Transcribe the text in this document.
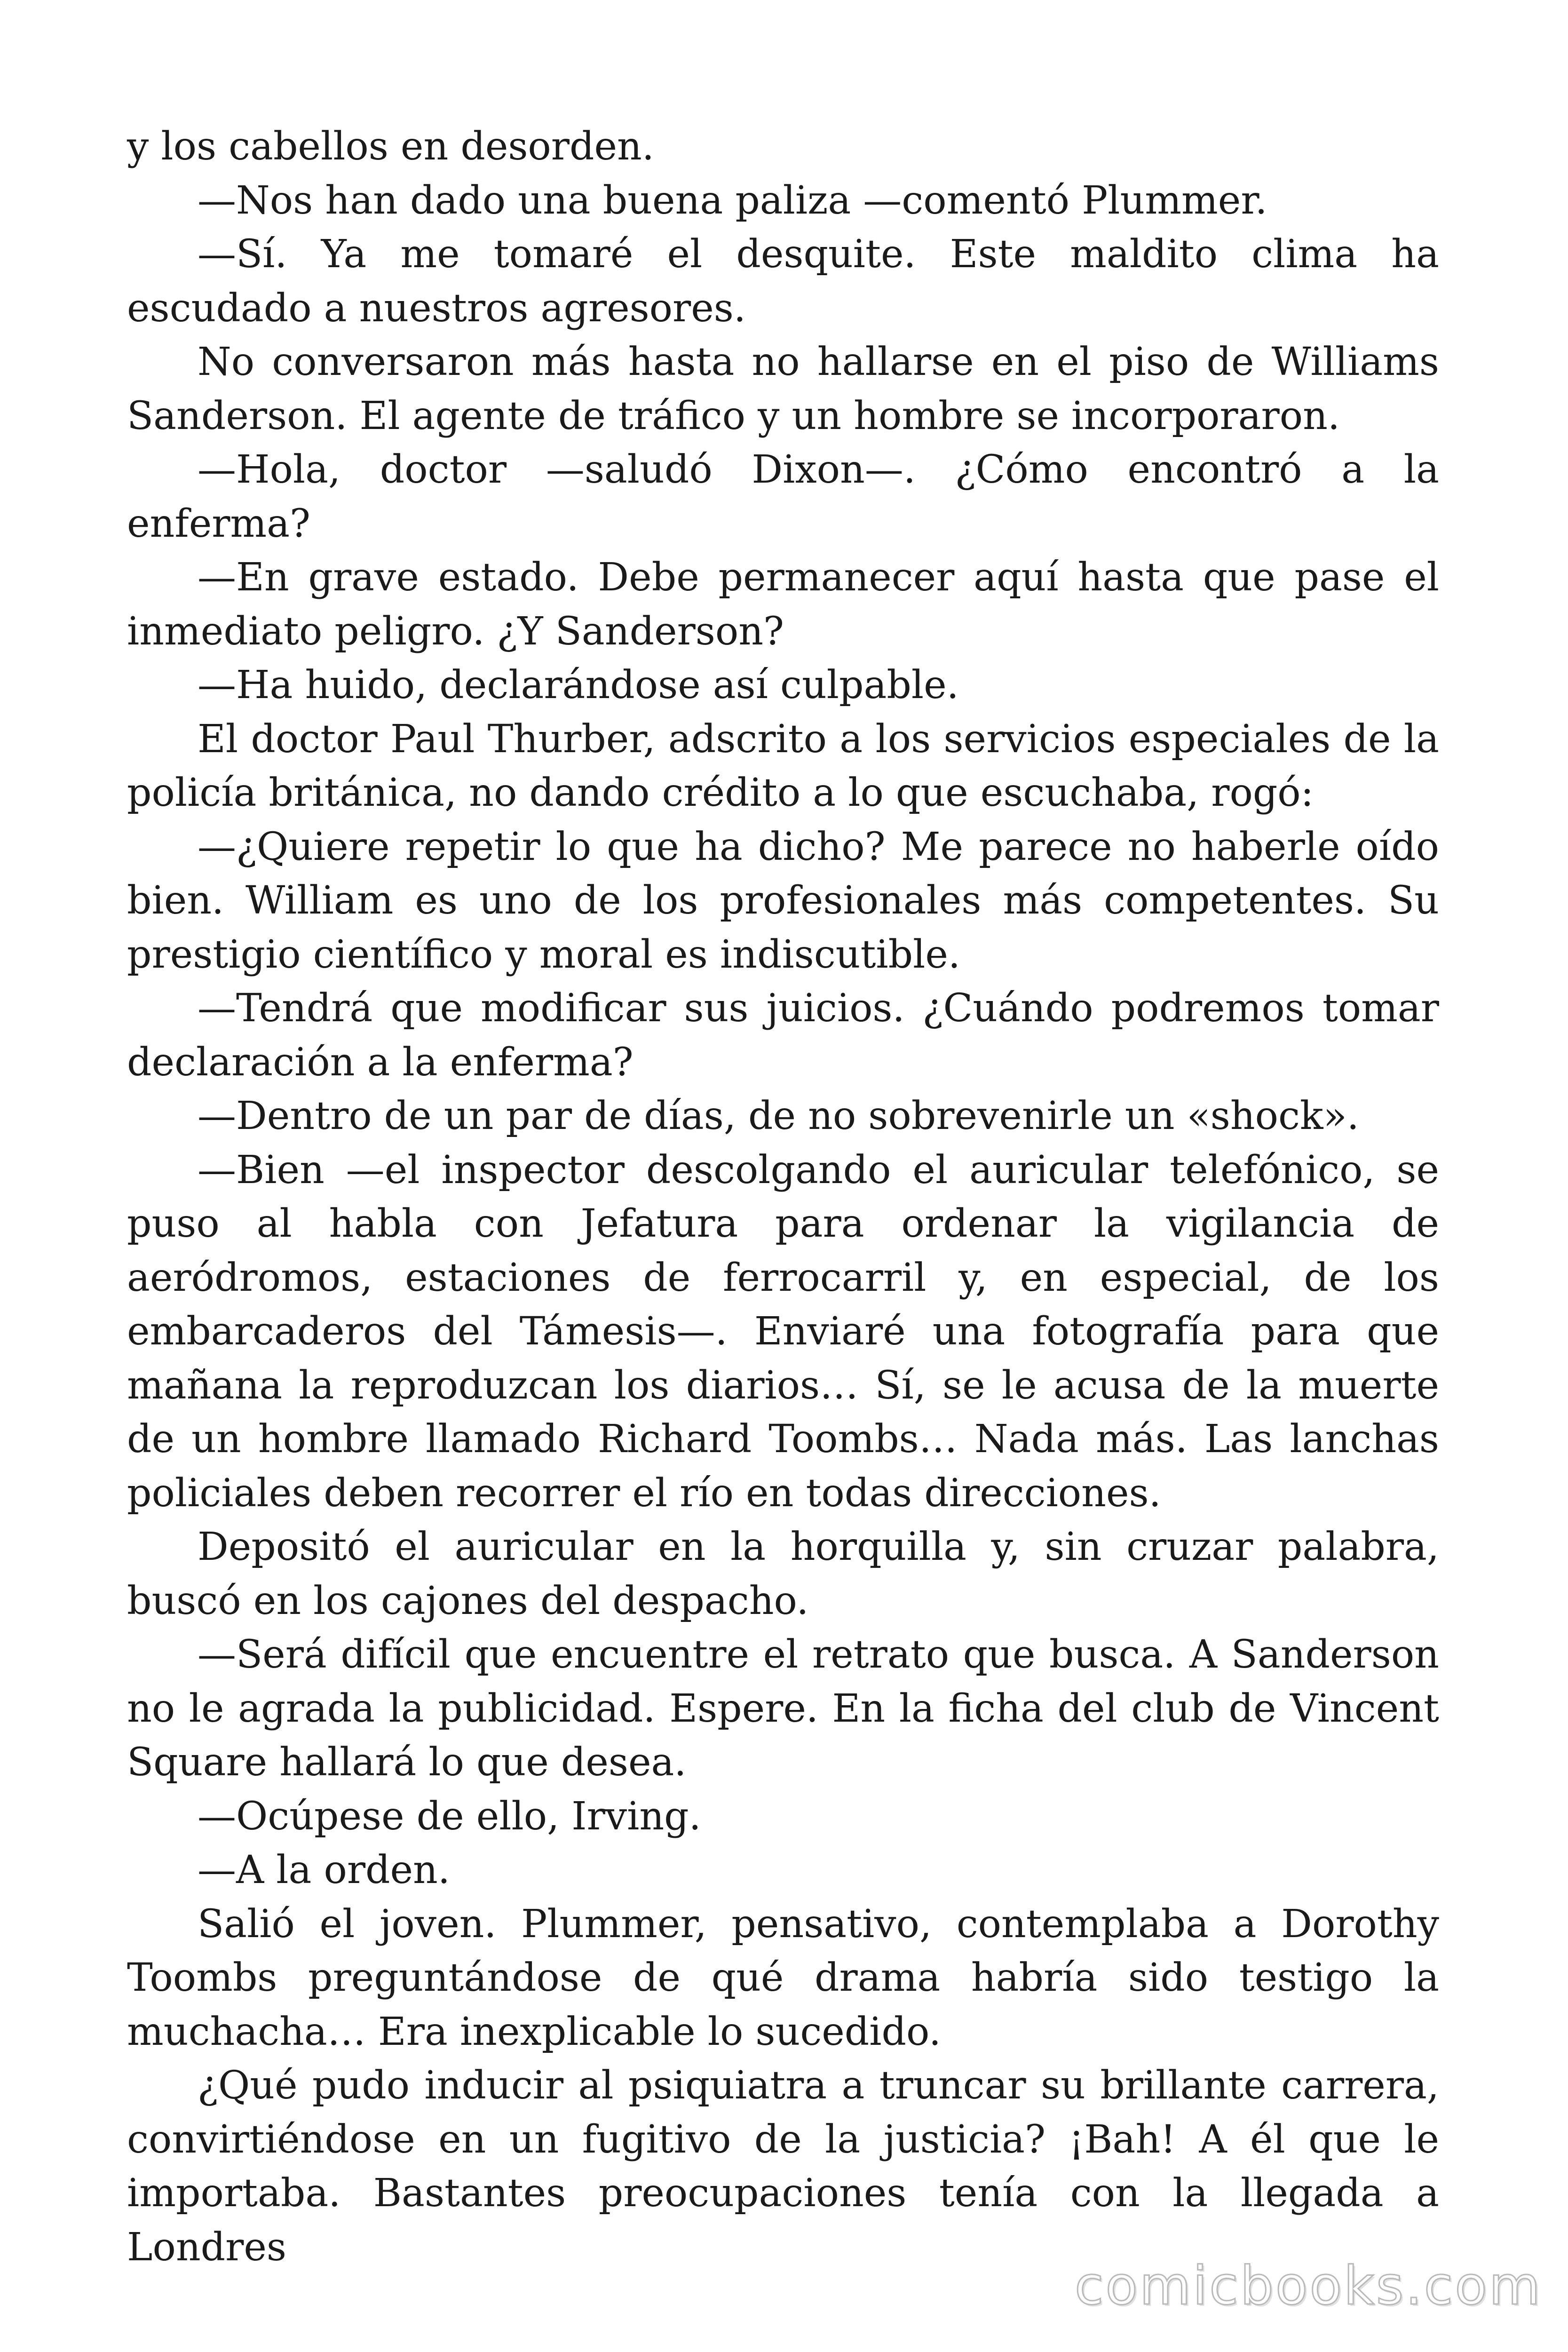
y los cabellos en desorden.

—Nos han dado una buena paliza —comentó Plummer.

—Sí. Ya me tomaré el desquite. Este maldito clima ha escudado a nuestros agresores.

No conversaron más hasta no hallarse en el piso de Williams Sanderson. El agente de tráfico y un hombre se incorporaron.

—Hola, doctor —saludó Dixon—. ¿Cómo encontró a la enferma?

—En grave estado. Debe permanecer aquí hasta que pase el inmediato peligro. ¿Y Sanderson?

—Ha huido, declarándose así culpable.

El doctor Paul Thurber, adscrito a los servicios especiales de la policía británica, no dando crédito a lo que escuchaba, rogó:

—¿Quiere repetir lo que ha dicho? Me parece no haberle oído bien. William es uno de los profesionales más competentes. Su prestigio científico y moral es indiscutible.

—Tendrá que modificar sus juicios. ¿Cuándo podremos tomar declaración a la enferma?

—Dentro de un par de días, de no sobrevenirle un «shock».

—Bien —el inspector descolgando el auricular telefónico, se puso al habla con Jefatura para ordenar la vigilancia de aeródromos, estaciones de ferrocarril y, en especial, de los embarcaderos del Támesis—. Enviaré una fotografía para que mañana la reproduzcan los diarios… Sí, se le acusa de la muerte de un hombre llamado Richard Toombs… Nada más. Las lanchas policiales deben recorrer el río en todas direcciones.

Depositó el auricular en la horquilla y, sin cruzar palabra, buscó en los cajones del despacho.

—Será difícil que encuentre el retrato que busca. A Sanderson no le agrada la publicidad. Espere. En la ficha del club de Vincent Square hallará lo que desea.

—Ocúpese de ello, Irving.

—A la orden.

Salió el joven. Plummer, pensativo, contemplaba a Dorothy Toombs preguntándose de qué drama habría sido testigo la muchacha… Era inexplicable lo sucedido.

¿Qué pudo inducir al psiquiatra a truncar su brillante carrera, convirtiéndose en un fugitivo de la justicia? ¡Bah! A él que le importaba. Bastantes preocupaciones tenía con la llegada a Londres

comicbooks.com
